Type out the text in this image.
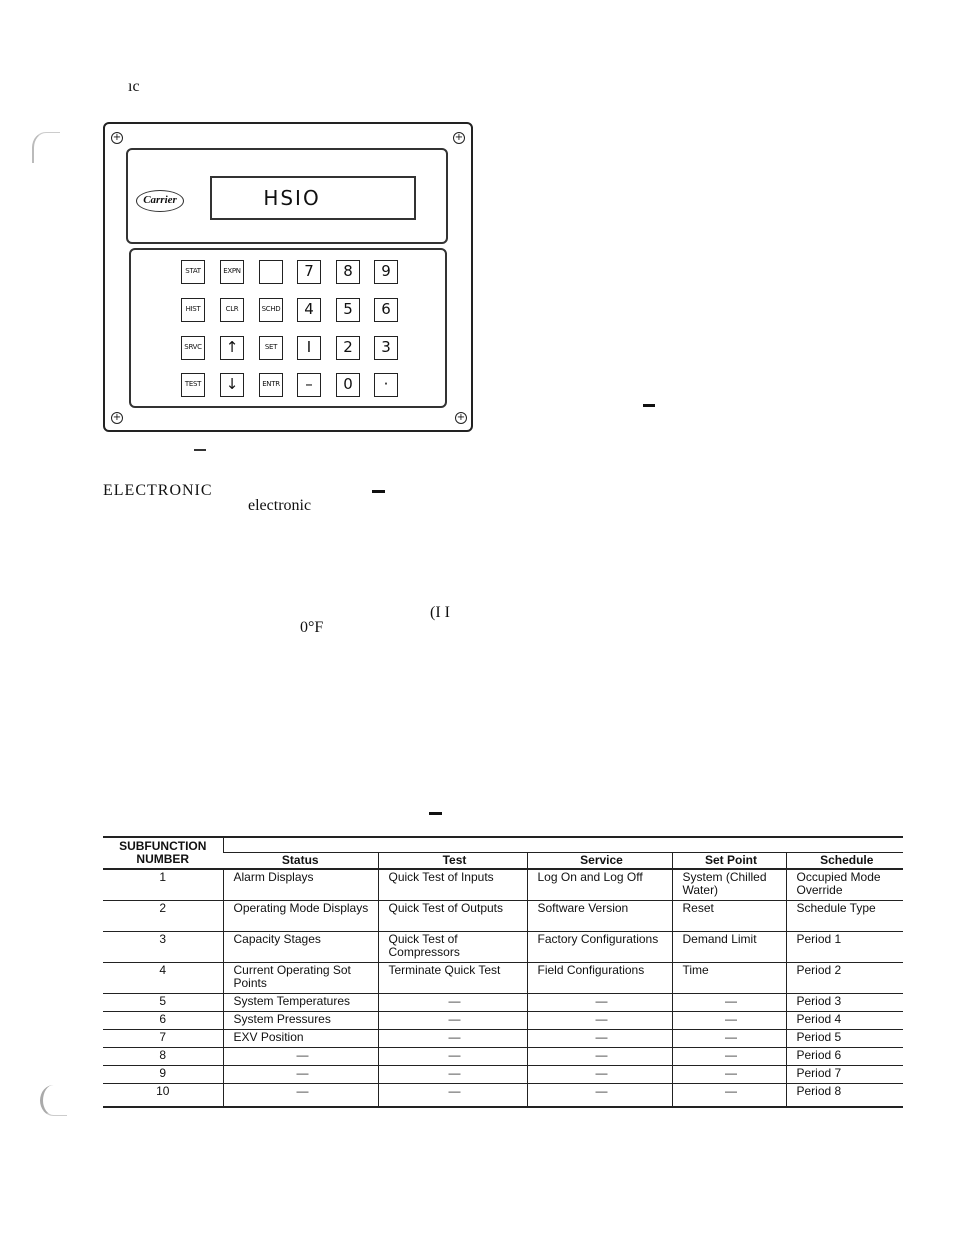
ıc
ELECTRONIC
electronic
(I I
0°F
+	+
+	+
Carrier	HSIO
STAT	EXPN	7	8	9
HIST	CLR	SCHD	4	5	6
SRVC	↑	SET	I	2	3
TEST	↓	ENTR	–	0	·
SUBFUNCTION NUMBER					
	Status	Test	Service	Set Point	Schedule
1	Alarm Displays	Quick Test of Inputs	Log On and Log Off	System (Chilled Water)	Occupied Mode Override
2	Operating Mode Displays	Quick Test of Outputs	Software Version	Reset	Schedule Type
3	Capacity Stages	Quick Test of Compressors	Factory Configurations	Demand Limit	Period 1
4	Current Operating Sot Points	Terminate Quick Test	Field Configurations	Time	Period 2
5	System Temperatures	—	—	—	Period 3
6	System Pressures	—	—	—	Period 4
7	EXV Position	—	—	—	Period 5
8	—	—	—	—	Period 6
9	—	—	—	—	Period 7
10	—	—	—	—	Period 8
